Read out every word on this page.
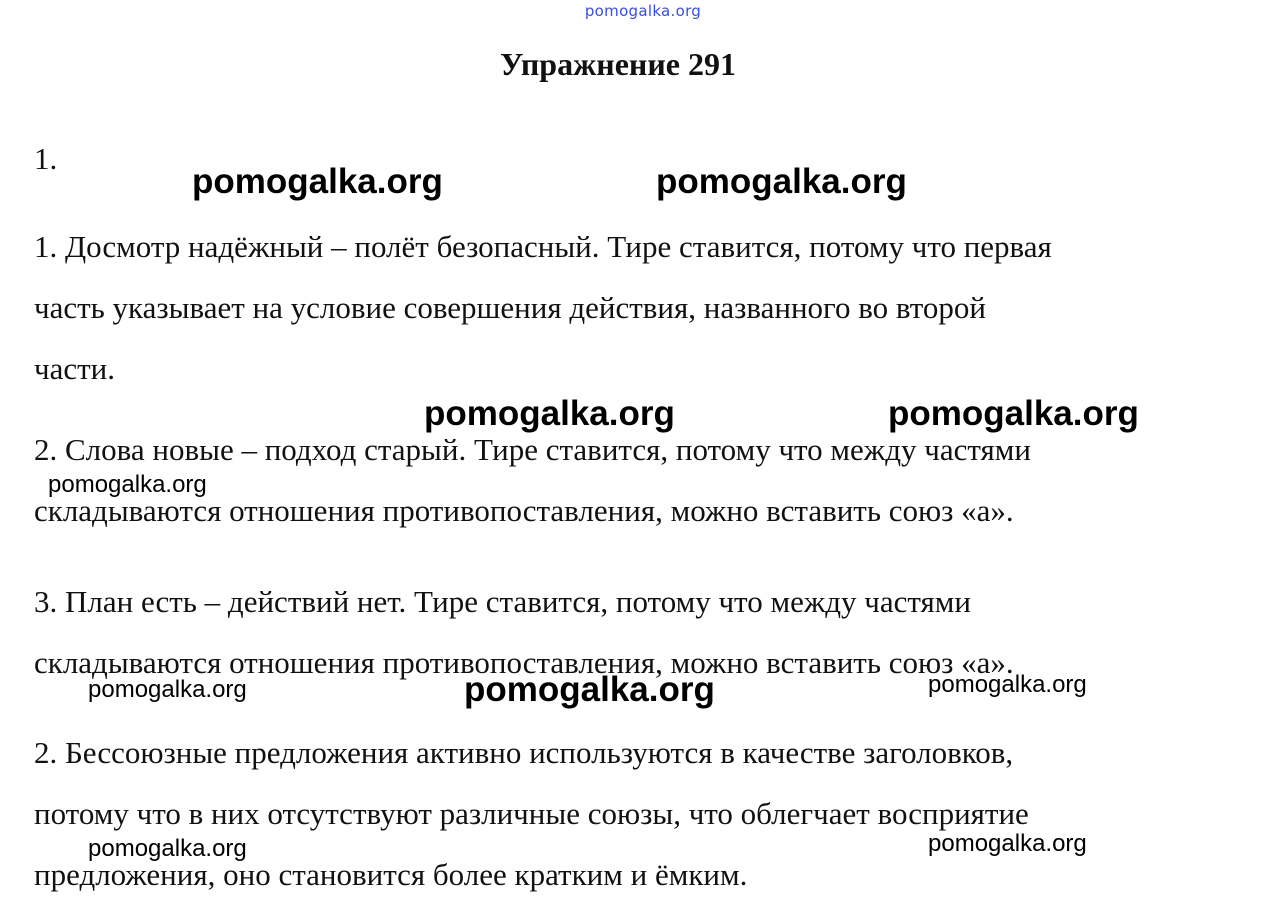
pomogalka.org
Упражнение 291
1.
1. Досмотр надёжный – полёт безопасный. Тире ставится, потому что первая
часть указывает на условие совершения действия, названного во второй
части.
2. Слова новые – подход старый. Тире ставится, потому что между частями
складываются отношения противопоставления, можно вставить союз «а».
3. План есть – действий нет. Тире ставится, потому что между частями
складываются отношения противопоставления, можно вставить союз «а».
2. Бессоюзные предложения активно используются в качестве заголовков,
потому что в них отсутствуют различные союзы, что облегчает восприятие
предложения, оно становится более кратким и ёмким.
pomogalka.org	pomogalka.org
pomogalka.org	pomogalka.org
pomogalka.org
pomogalka.org
pomogalka.org	pomogalka.org
pomogalka.org	pomogalka.org
